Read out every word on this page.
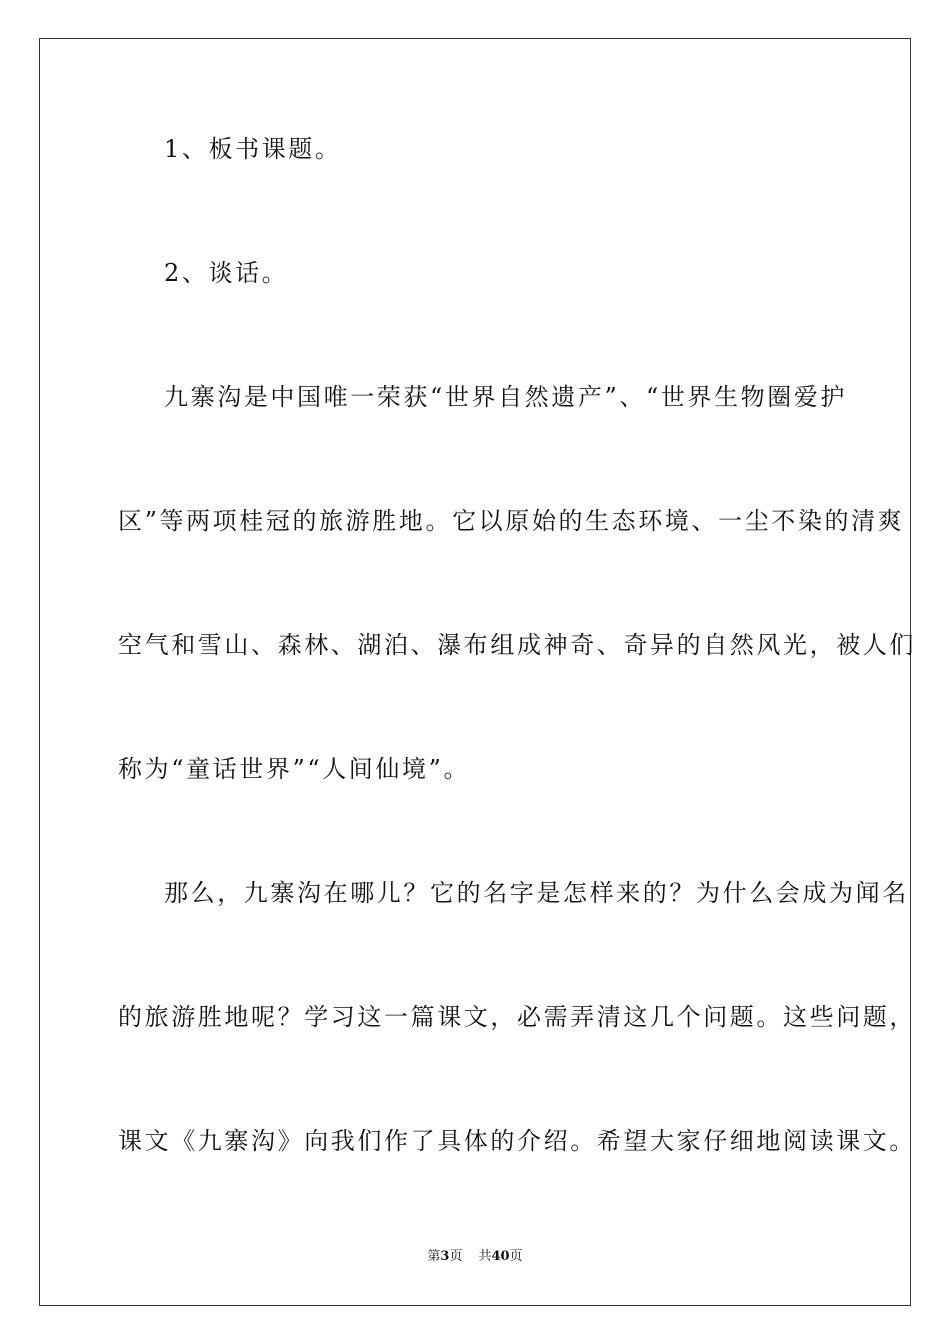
1、板书课题。
2、谈话。
九寨沟是中国唯一荣获“世界自然遗产”、“世界生物圈爱护
区”等两项桂冠的旅游胜地。它以原始的生态环境、一尘不染的清爽
空气和雪山、森林、湖泊、瀑布组成神奇、奇异的自然风光，被人们
称为“童话世界”“人间仙境”。
那么，九寨沟在哪儿？它的名字是怎样来的？为什么会成为闻名
的旅游胜地呢？学习这一篇课文，必需弄清这几个问题。这些问题，
课文《九寨沟》向我们作了具体的介绍。希望大家仔细地阅读课文。
第3页 共40页
